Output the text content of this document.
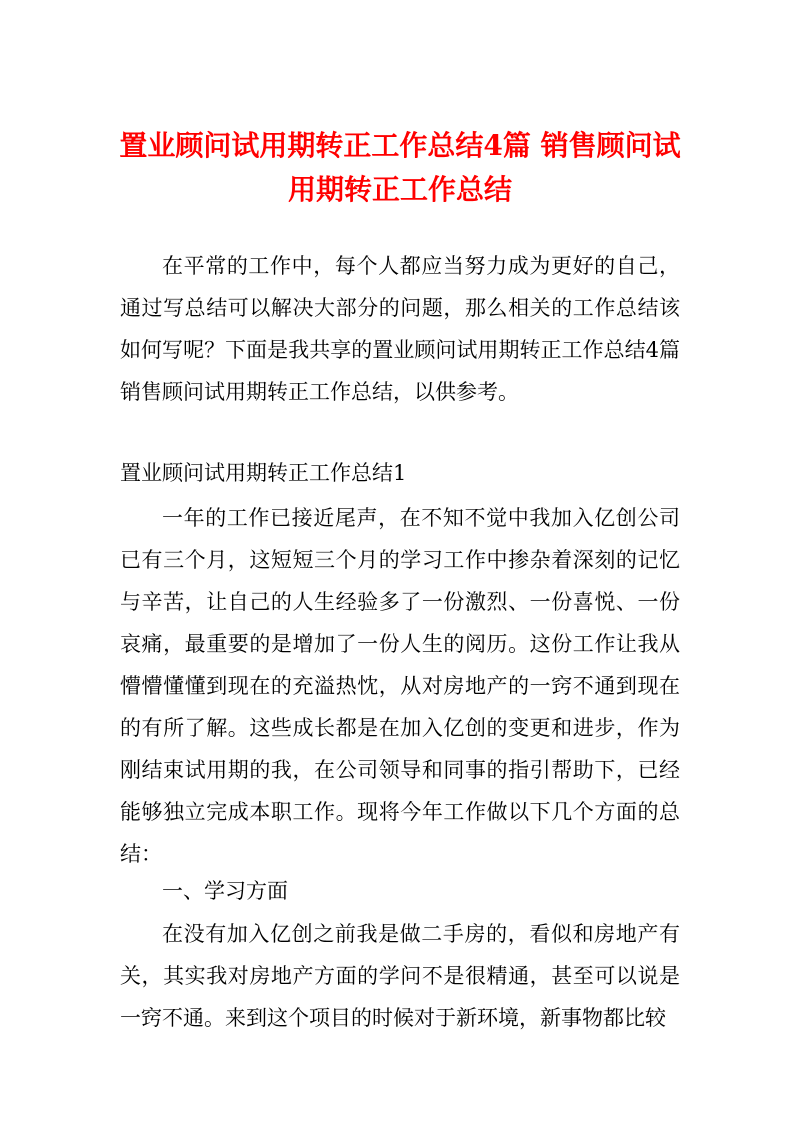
置业顾问试用期转正工作总结4篇 销售顾问试用期转正工作总结

在平常的工作中，每个人都应当努力成为更好的自己，通过写总结可以解决大部分的问题，那么相关的工作总结该如何写呢？下面是我共享的置业顾问试用期转正工作总结4篇 销售顾问试用期转正工作总结，以供参考。

置业顾问试用期转正工作总结1

一年的工作已接近尾声，在不知不觉中我加入亿创公司已有三个月，这短短三个月的学习工作中掺杂着深刻的记忆与辛苦，让自己的人生经验多了一份激烈、一份喜悦、一份哀痛，最重要的是增加了一份人生的阅历。这份工作让我从懵懵懂懂到现在的充溢热忱，从对房地产的一窍不通到现在的有所了解。这些成长都是在加入亿创的变更和进步，作为刚结束试用期的我，在公司领导和同事的指引帮助下，已经能够独立完成本职工作。现将今年工作做以下几个方面的总结：

一、学习方面

在没有加入亿创之前我是做二手房的，看似和房地产有关，其实我对房地产方面的学问不是很精通，甚至可以说是一窍不通。来到这个项目的时候对于新环境，新事物都比较
